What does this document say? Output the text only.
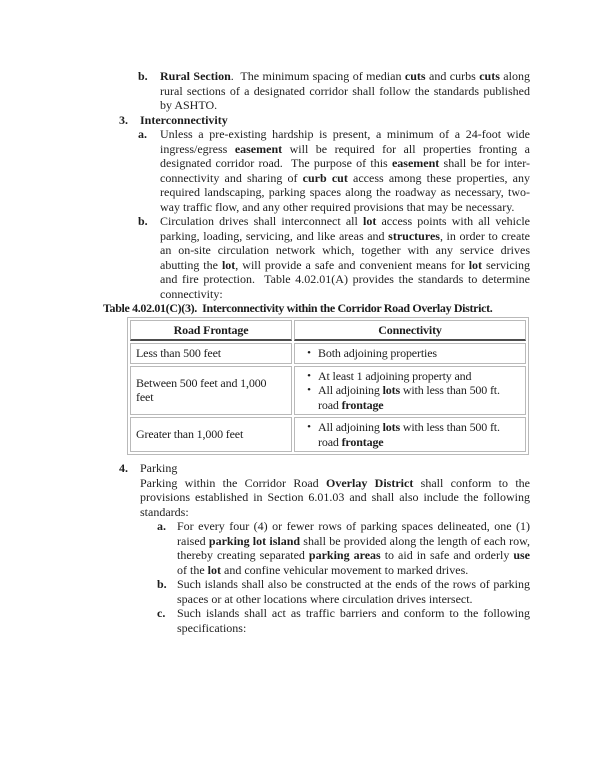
b. Rural Section.  The minimum spacing of median cuts and curbs cuts along rural sections of a designated corridor shall follow the standards published by ASHTO.
3. Interconnectivity
a. Unless a pre-existing hardship is present, a minimum of a 24-foot wide ingress/egress easement will be required for all properties fronting a designated corridor road.  The purpose of this easement shall be for inter-connectivity and sharing of curb cut access among these properties, any required landscaping, parking spaces along the roadway as necessary, two-way traffic flow, and any other required provisions that may be necessary.
b. Circulation drives shall interconnect all lot access points with all vehicle parking, loading, servicing, and like areas and structures, in order to create an on-site circulation network which, together with any service drives abutting the lot, will provide a safe and convenient means for lot servicing and fire protection.  Table 4.02.01(A) provides the standards to determine connectivity:
Table 4.02.01(C)(3).  Interconnectivity within the Corridor Road Overlay District.
Road Frontage	Connectivity
Less than 500 feet	• Both adjoining properties

Between 500 feet and 1,000 feet	• At least 1 adjoining property and
• All adjoining lots with less than 500 ft. road frontage

Greater than 1,000 feet	• All adjoining lots with less than 500 ft. road frontage
4. Parking
Parking within the Corridor Road Overlay District shall conform to the provisions established in Section 6.01.03 and shall also include the following standards:
a. For every four (4) or fewer rows of parking spaces delineated, one (1) raised parking lot island shall be provided along the length of each row, thereby creating separated parking areas to aid in safe and orderly use of the lot and confine vehicular movement to marked drives.
b. Such islands shall also be constructed at the ends of the rows of parking spaces or at other locations where circulation drives intersect.
c. Such islands shall act as traffic barriers and conform to the following specifications:
